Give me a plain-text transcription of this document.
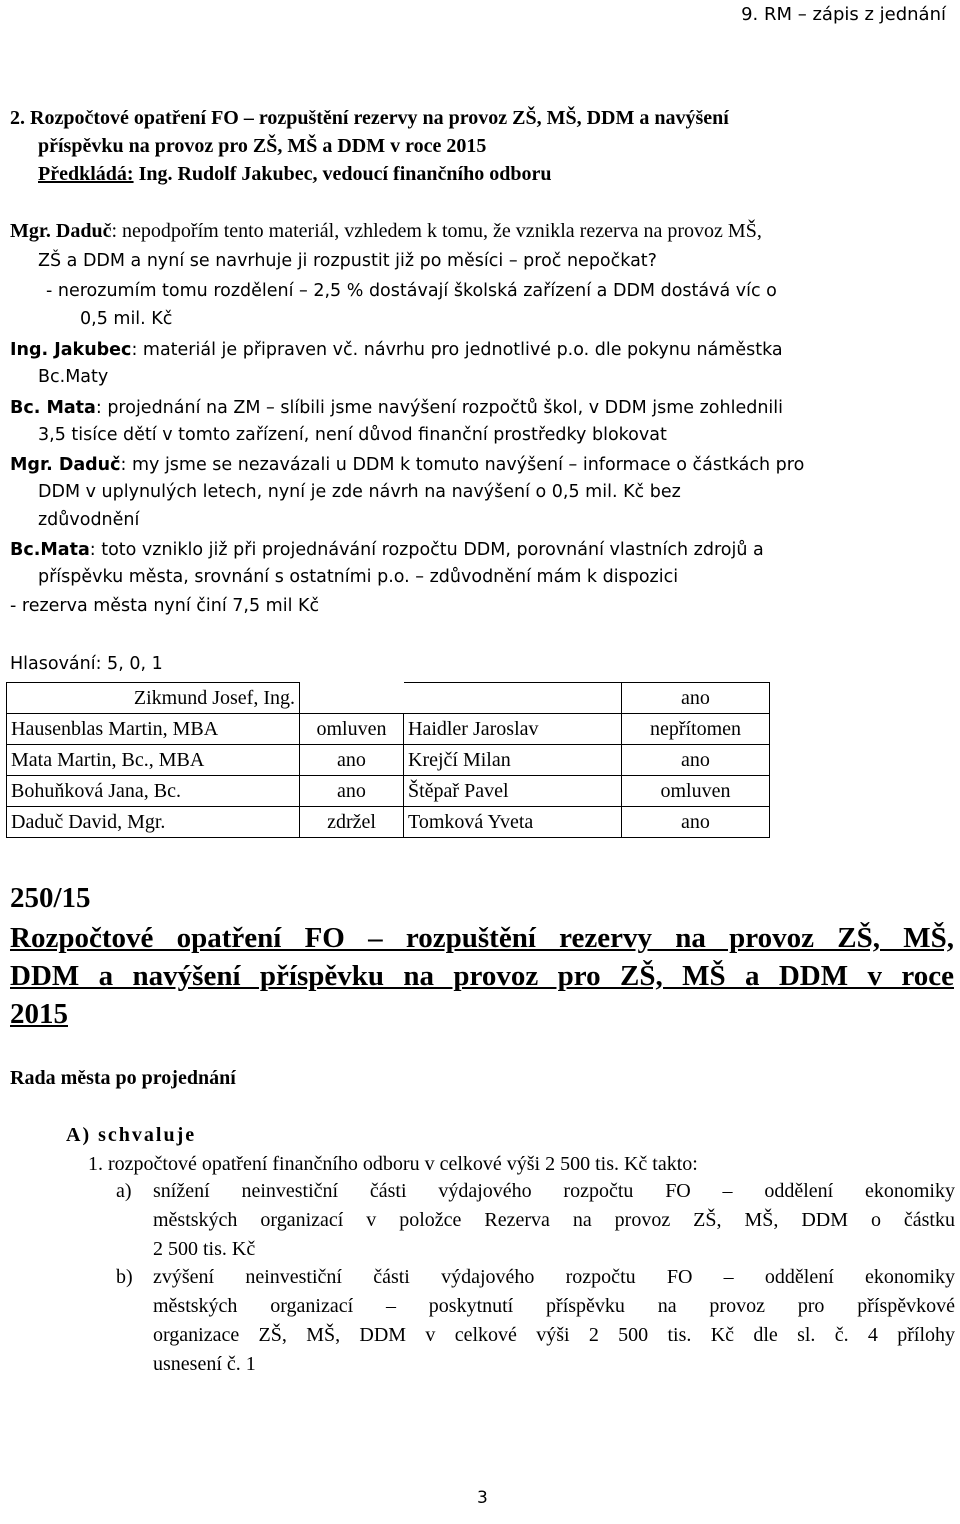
9. RM – zápis z jednání
2. Rozpočtové opatření FO – rozpuštění rezervy na provoz ZŠ, MŠ, DDM a navýšení
příspěvku na provoz pro ZŠ, MŠ a DDM v roce 2015
Předkládá: Ing. Rudolf Jakubec, vedoucí finančního odboru
Mgr. Daduč: nepodpořím tento materiál, vzhledem k tomu, že vznikla rezerva na provoz MŠ,
ZŠ a DDM a nyní se navrhuje ji rozpustit již po měsíci – proč nepočkat?
- nerozumím tomu rozdělení – 2,5 % dostávají školská zařízení a DDM dostává víc o
0,5 mil. Kč
Ing. Jakubec: materiál je připraven vč. návrhu pro jednotlivé p.o. dle pokynu náměstka
Bc.Maty
Bc. Mata: projednání na ZM – slíbili jsme navýšení rozpočtů škol, v DDM jsme zohlednili
3,5 tisíce dětí v tomto zařízení, není důvod finanční prostředky blokovat
Mgr. Daduč: my jsme se nezavázali u DDM k tomuto navýšení – informace o částkách pro
DDM v uplynulých letech, nyní je zde návrh na navýšení o 0,5 mil. Kč bez
zdůvodnění
Bc.Mata: toto vzniklo již při projednávání rozpočtu DDM, porovnání vlastních zdrojů a
příspěvku města, srovnání s ostatními p.o. – zdůvodnění mám k dispozici
- rezerva města nyní činí 7,5 mil Kč
Hlasování: 5, 0, 1
Zikmund Josef, Ing.			ano
Hausenblas Martin, MBA	omluven	Haidler Jaroslav	nepřítomen
Mata Martin, Bc., MBA	ano	Krejčí Milan	ano
Bohuňková Jana, Bc.	ano	Štěpař Pavel	omluven
Daduč David, Mgr.	zdržel	Tomková Yveta	ano
250/15
Rozpočtové opatření FO – rozpuštění rezervy na provoz ZŠ, MŠ,
DDM a navýšení příspěvku na provoz pro ZŠ, MŠ a DDM v roce
2015
Rada města po projednání
A) schvaluje
1. rozpočtové opatření finančního odboru v celkové výši 2 500 tis. Kč takto:
a) snížení neinvestiční části výdajového rozpočtu FO – oddělení ekonomiky
městských organizací v položce Rezerva na provoz ZŠ, MŠ, DDM o částku
2 500 tis. Kč
b) zvýšení neinvestiční části výdajového rozpočtu FO – oddělení ekonomiky
městských organizací – poskytnutí příspěvku na provoz pro příspěvkové
organizace ZŠ, MŠ, DDM v celkové výši 2 500 tis. Kč dle sl. č. 4 přílohy
usnesení č. 1
3
